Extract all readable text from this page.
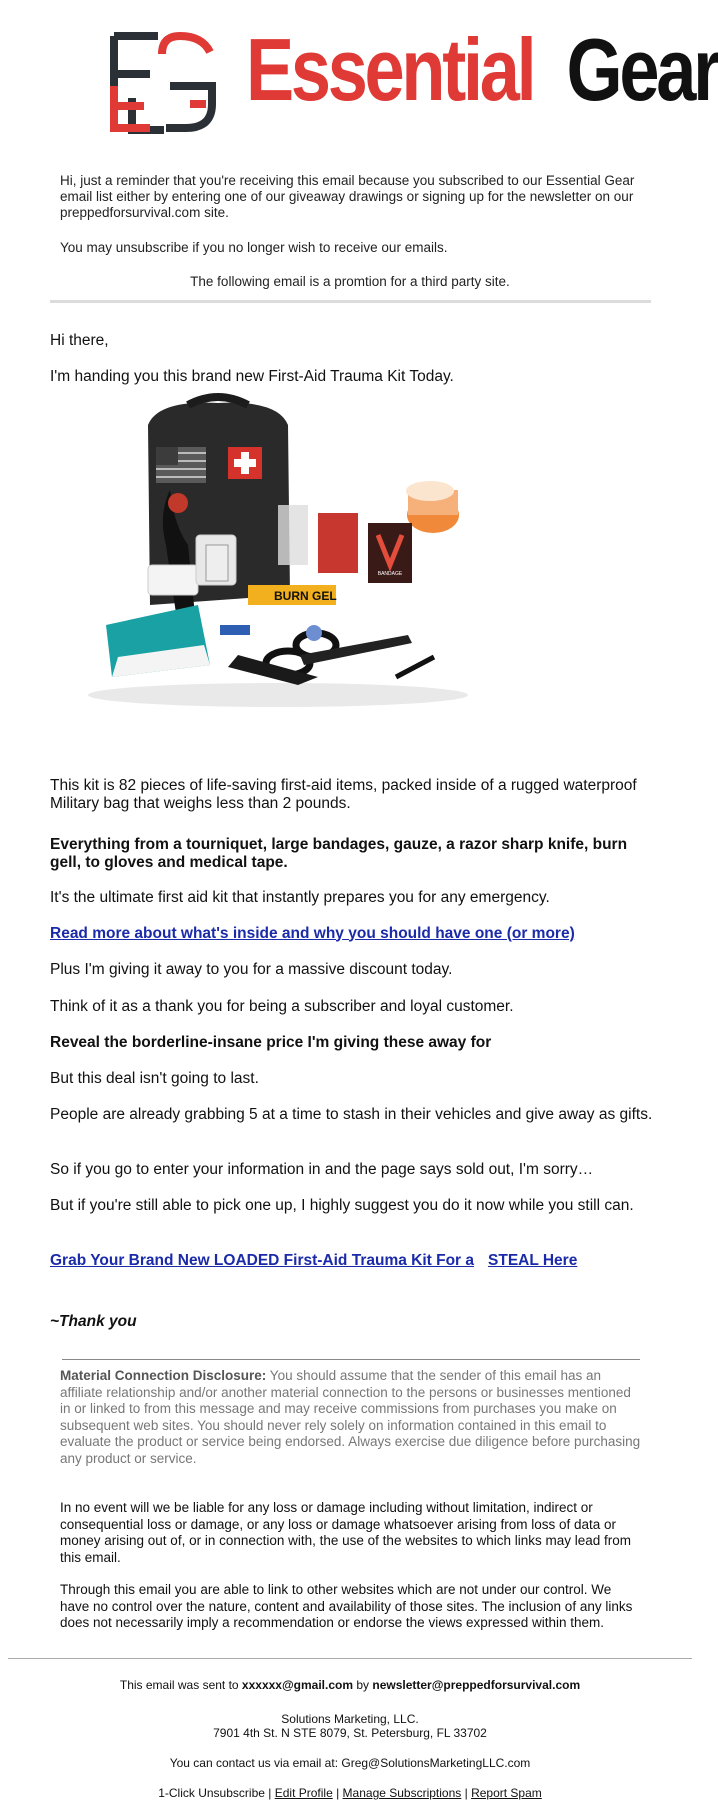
Essential Gear

Hi, just a reminder that you're receiving this email because you subscribed to our Essential Gear email list either by entering one of our giveaway drawings or signing up for the newsletter on our preppedforsurvival.com site.

You may unsubscribe if you no longer wish to receive our emails.

The following email is a promtion for a third party site.

Hi there,

I'm handing you this brand new First-Aid Trauma Kit Today.

BANDAGE
BURN GEL

This kit is 82 pieces of life-saving first-aid items, packed inside of a rugged waterproof Military bag that weighs less than 2 pounds.

Everything from a tourniquet, large bandages, gauze, a razor sharp knife, burn gell, to gloves and medical tape.

It's the ultimate first aid kit that instantly prepares you for any emergency.

Read more about what's inside and why you should have one (or more)

Plus I'm giving it away to you for a massive discount today.

Think of it as a thank you for being a subscriber and loyal customer.

Reveal the borderline-insane price I'm giving these away for

But this deal isn't going to last.

People are already grabbing 5 at a time to stash in their vehicles and give away as gifts.

So if you go to enter your information in and the page says sold out, I'm sorry…

But if you're still able to pick one up, I highly suggest you do it now while you still can.

Grab Your Brand New LOADED First-Aid Trauma Kit For a STEAL Here

~Thank you

Material Connection Disclosure: You should assume that the sender of this email has an affiliate relationship and/or another material connection to the persons or businesses mentioned in or linked to from this message and may receive commissions from purchases you make on subsequent web sites. You should never rely solely on information contained in this email to evaluate the product or service being endorsed. Always exercise due diligence before purchasing any product or service.

In no event will we be liable for any loss or damage including without limitation, indirect or consequential loss or damage, or any loss or damage whatsoever arising from loss of data or money arising out of, or in connection with, the use of the websites to which links may lead from this email.

Through this email you are able to link to other websites which are not under our control. We have no control over the nature, content and availability of those sites. The inclusion of any links does not necessarily imply a recommendation or endorse the views expressed within them.

This email was sent to xxxxxx@gmail.com by newsletter@preppedforsurvival.com

Solutions Marketing, LLC.

7901 4th St. N STE 8079, St. Petersburg, FL 33702

You can contact us via email at: Greg@SolutionsMarketingLLC.com

1-Click Unsubscribe | Edit Profile | Manage Subscriptions | Report Spam
